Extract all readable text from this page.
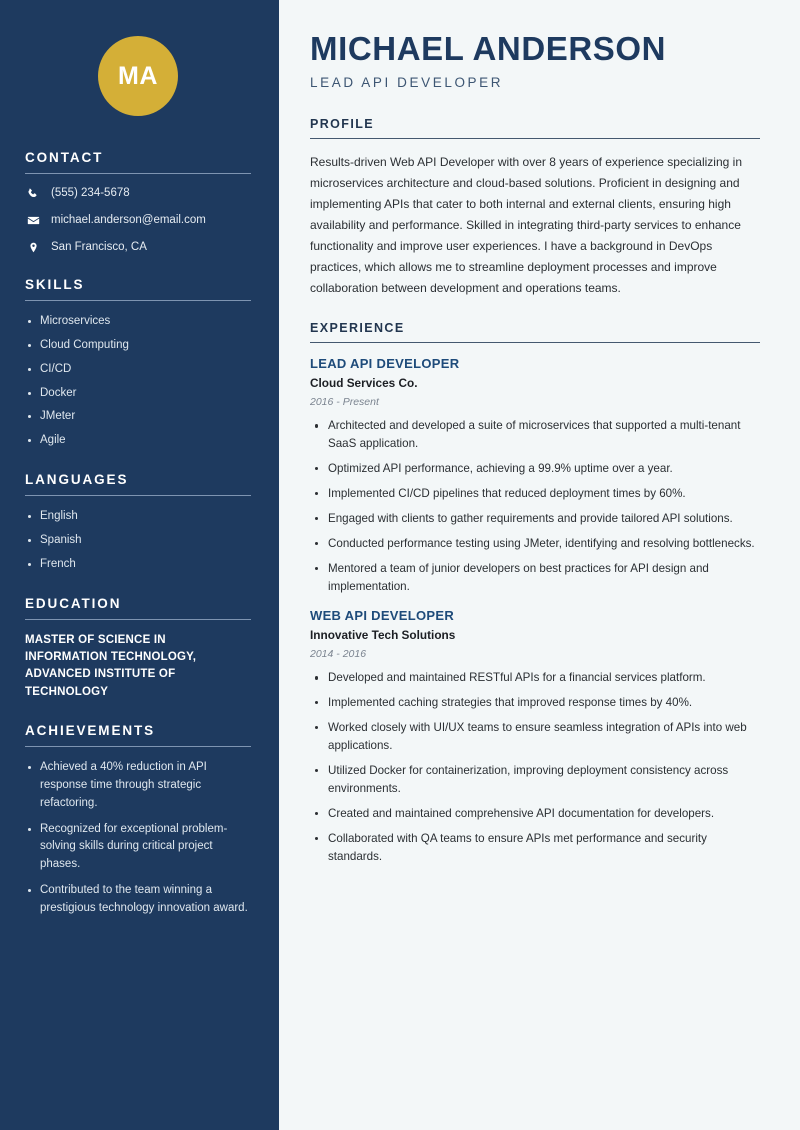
MA
CONTACT
(555) 234-5678
michael.anderson@email.com
San Francisco, CA
SKILLS
Microservices
Cloud Computing
CI/CD
Docker
JMeter
Agile
LANGUAGES
English
Spanish
French
EDUCATION
MASTER OF SCIENCE IN INFORMATION TECHNOLOGY, ADVANCED INSTITUTE OF TECHNOLOGY
ACHIEVEMENTS
Achieved a 40% reduction in API response time through strategic refactoring.
Recognized for exceptional problem-solving skills during critical project phases.
Contributed to the team winning a prestigious technology innovation award.
MICHAEL ANDERSON
LEAD API DEVELOPER
PROFILE

Results-driven Web API Developer with over 8 years of experience specializing in microservices architecture and cloud-based solutions. Proficient in designing and implementing APIs that cater to both internal and external clients, ensuring high availability and performance. Skilled in integrating third-party services to enhance functionality and improve user experiences. I have a background in DevOps practices, which allows me to streamline deployment processes and improve collaboration between development and operations teams.

EXPERIENCE
LEAD API DEVELOPER
Cloud Services Co.
2016 - Present
Architected and developed a suite of microservices that supported a multi-tenant SaaS application.
Optimized API performance, achieving a 99.9% uptime over a year.
Implemented CI/CD pipelines that reduced deployment times by 60%.
Engaged with clients to gather requirements and provide tailored API solutions.
Conducted performance testing using JMeter, identifying and resolving bottlenecks.
Mentored a team of junior developers on best practices for API design and implementation.
WEB API DEVELOPER
Innovative Tech Solutions
2014 - 2016
Developed and maintained RESTful APIs for a financial services platform.
Implemented caching strategies that improved response times by 40%.
Worked closely with UI/UX teams to ensure seamless integration of APIs into web applications.
Utilized Docker for containerization, improving deployment consistency across environments.
Created and maintained comprehensive API documentation for developers.
Collaborated with QA teams to ensure APIs met performance and security standards.
